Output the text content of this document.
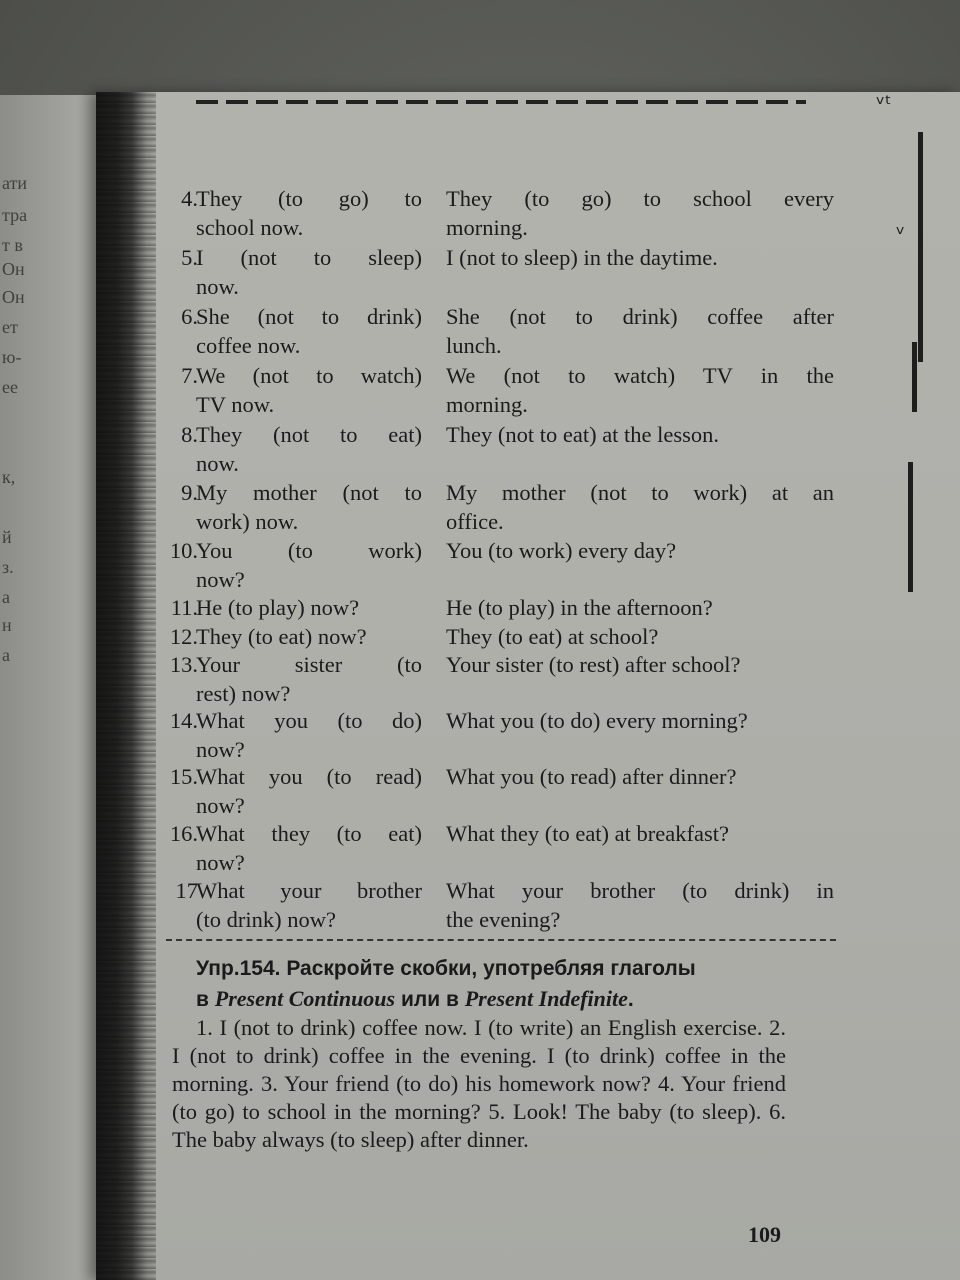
ати
тра
т в
Он
Он
ет
ю-
ее
к,
й
з.
а
н
а
ᵛᵗ
ᵛ
4.
They (to go) to
school now.
They (to go) to school every
morning.
5.
I (not to sleep)
now.
I (not to sleep) in the daytime.
6.
She (not to drink)
coffee now.
She (not to drink) coffee after
lunch.
7.
We (not to watch)
TV now.
We (not to watch) TV in the
morning.
8.
They (not to eat)
now.
They (not to eat) at the lesson.
9.
My mother (not to
work) now.
My mother (not to work) at an
office.
10.
You (to work)
now?
You (to work) every day?
11.
He (to play) now?	He (to play) in the afternoon?
12.
They (to eat) now?	They (to eat) at school?
13.
Your sister (to
rest) now?
Your sister (to rest) after school?
14.
What you (to do)
now?
What you (to do) every morning?
15.
What you (to read)
now?
What you (to read) after dinner?
16.
What they (to eat)
now?
What they (to eat) at breakfast?
17
What your brother
(to drink) now?
What your brother (to drink) in
the evening?
Упр.154. Раскройте скобки, употребляя глаголы
в Present Continuous или в Present Indefinite.
1. I (not to drink) coffee now. I (to write) an English exercise. 2. I (not to drink) coffee in the evening. I (to drink) coffee in the morning. 3. Your friend (to do) his homework now? 4. Your friend (to go) to school in the morning? 5. Look! The baby (to sleep). 6. The baby always (to sleep) after dinner.
109
